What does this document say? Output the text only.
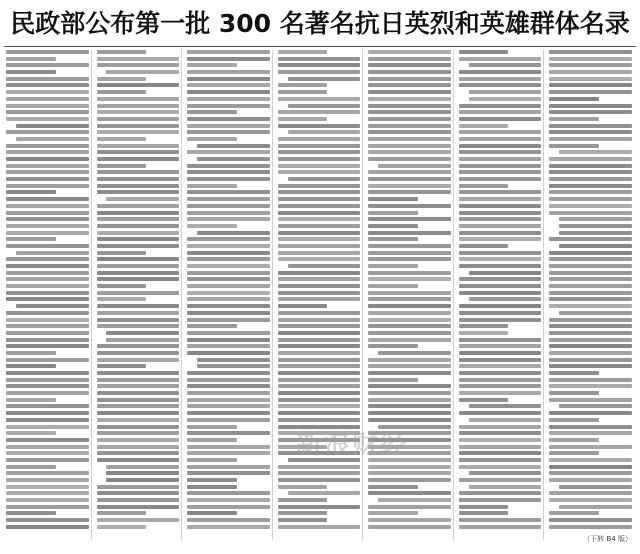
民政部公布第一批 300 名著名抗日英烈和英雄群体名录
新浪财经
（下转 B4 版）
